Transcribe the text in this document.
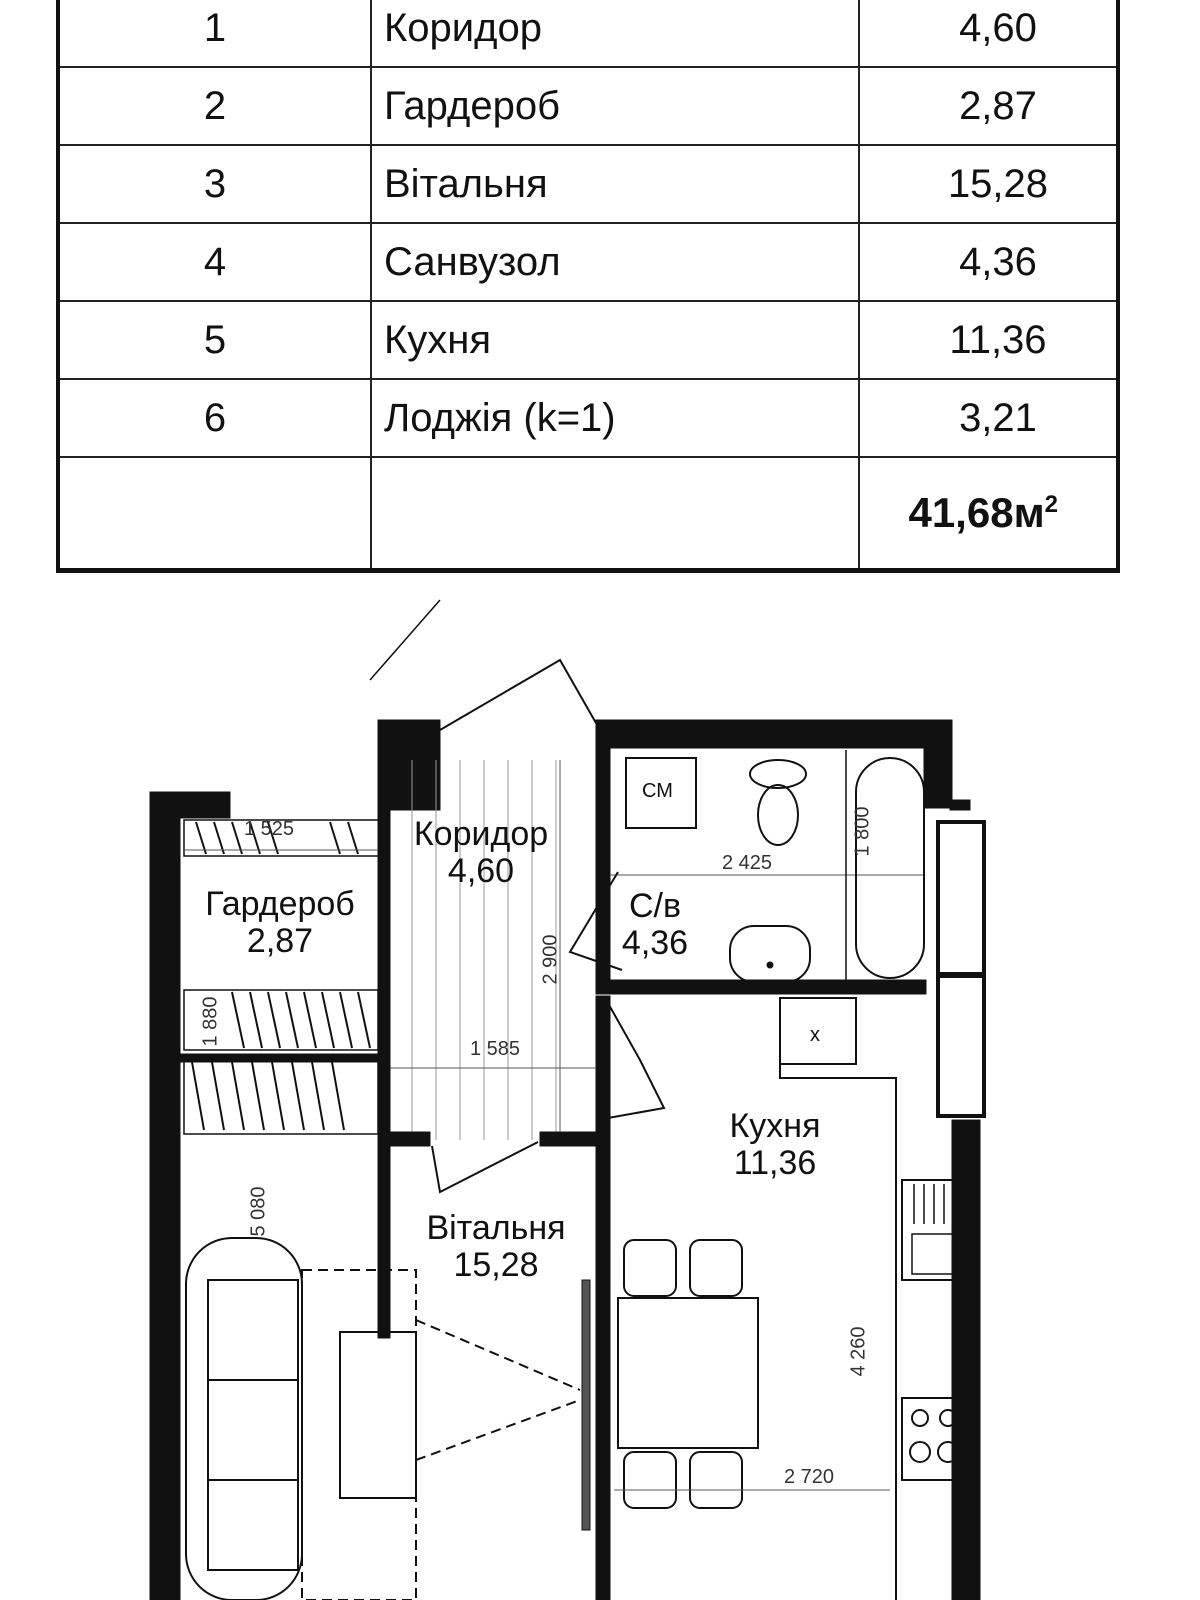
1	Коридор	4,60
2	Гардероб	2,87
3	Вітальня	15,28
4	Санвузол	4,36
5	Кухня	11,36
6	Лоджія (k=1)	3,21
		$41,68м^2$
Коридор
4,60
Гардероб
2,87
С/в
4,36
Кухня
11,36
Вітальня
15,28
СМ
х
1 525
1 880
2 900
1 585
2 425
1 800
5 080
4 260
2 720
